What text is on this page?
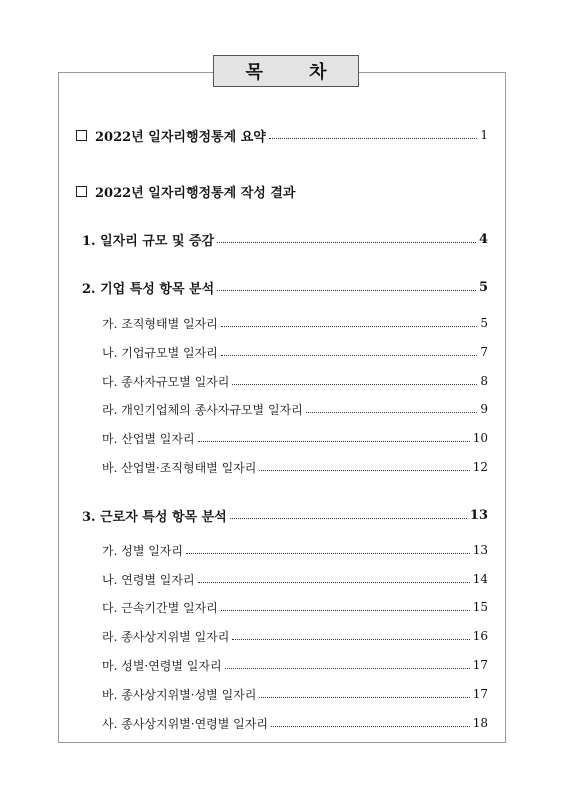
목 차
2022년 일자리행정통계 요약	1
2022년 일자리행정통계 작성 결과
1. 일자리 규모 및 증감	4
2. 기업 특성 항목 분석	5
가. 조직형태별 일자리	5
나. 기업규모별 일자리	7
다. 종사자규모별 일자리	8
라. 개인기업체의 종사자규모별 일자리	9
마. 산업별 일자리	10
바. 산업별·조직형태별 일자리	12
3. 근로자 특성 항목 분석	13
가. 성별 일자리	13
나. 연령별 일자리	14
다. 근속기간별 일자리	15
라. 종사상지위별 일자리	16
마. 성별·연령별 일자리	17
바. 종사상지위별·성별 일자리	17
사. 종사상지위별·연령별 일자리	18
